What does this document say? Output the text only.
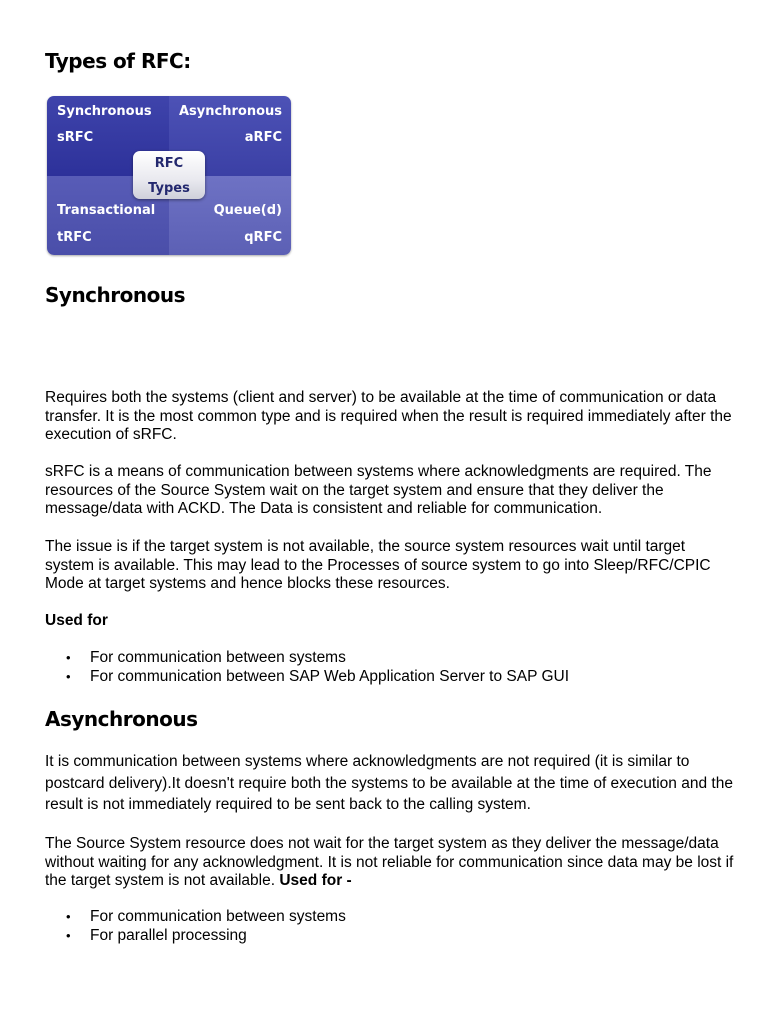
Types of RFC:
Synchronous
sRFC
Asynchronous
aRFC
Transactional
tRFC
Queue(d)
qRFC
RFC
Types
Synchronous

Requires both the systems (client and server) to be available at the time of communication or data transfer. It is the most common type and is required when the result is required immediately after the execution of sRFC.

sRFC is a means of communication between systems where acknowledgments are required. The resources of the Source System wait on the target system and ensure that they deliver the message/data with ACKD. The Data is consistent and reliable for communication.

The issue is if the target system is not available, the source system resources wait until target system is available. This may lead to the Processes of source system to go into Sleep/RFC/CPIC Mode at target systems and hence blocks these resources.

Used for

• For communication between systems
• For communication between SAP Web Application Server to SAP GUI
Asynchronous

It is communication between systems where acknowledgments are not required (it is similar to postcard delivery).It doesn't require both the systems to be available at the time of execution and the result is not immediately required to be sent back to the calling system.

The Source System resource does not wait for the target system as they deliver the message/data without waiting for any acknowledgment. It is not reliable for communication since data may be lost if the target system is not available. Used for -

• For communication between systems
• For parallel processing
